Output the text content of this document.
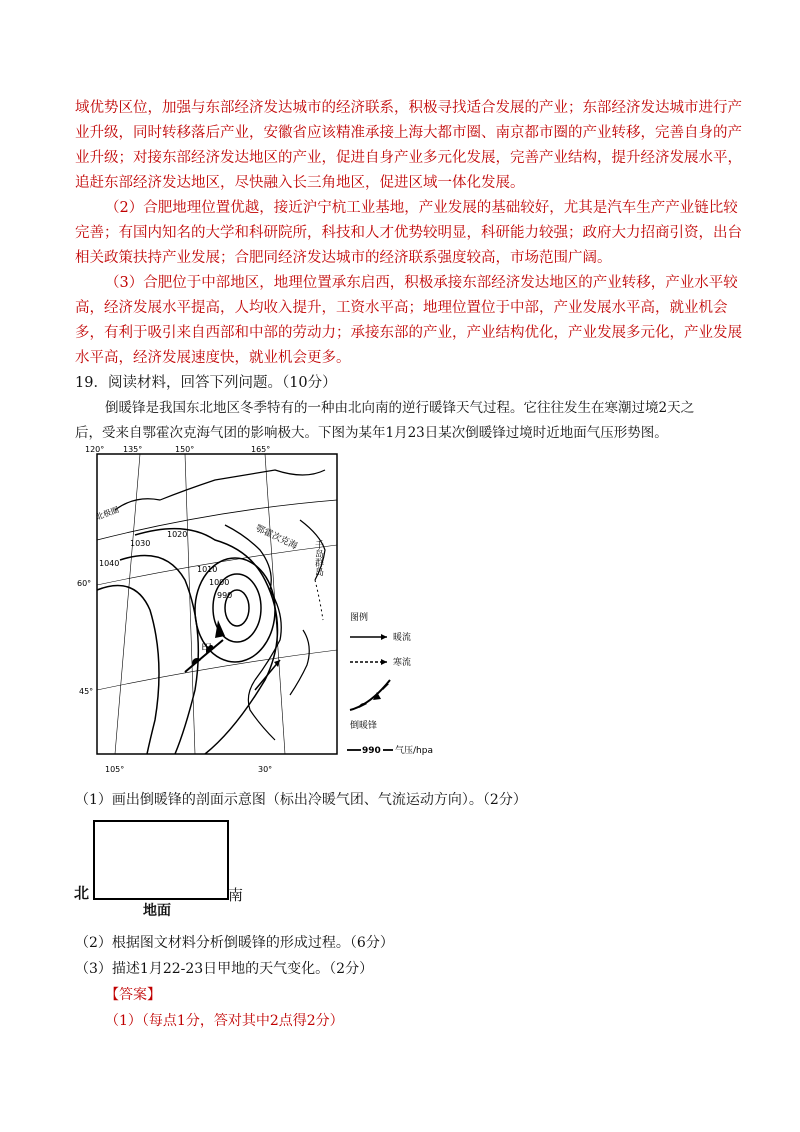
域优势区位，加强与东部经济发达城市的经济联系，积极寻找适合发展的产业；东部经济发达城市进行产
业升级，同时转移落后产业，安徽省应该精准承接上海大都市圈、南京都市圈的产业转移，完善自身的产
业升级；对接东部经济发达地区的产业，促进自身产业多元化发展，完善产业结构，提升经济发展水平，
追赶东部经济发达地区，尽快融入长三角地区，促进区域一体化发展。
（2）合肥地理位置优越，接近沪宁杭工业基地，产业发展的基础较好，尤其是汽车生产产业链比较
完善；有国内知名的大学和科研院所，科技和人才优势较明显，科研能力较强；政府大力招商引资，出台
相关政策扶持产业发展；合肥同经济发达城市的经济联系强度较高，市场范围广阔。
（3）合肥位于中部地区，地理位置承东启西，积极承接东部经济发达地区的产业转移，产业水平较
高，经济发展水平提高，人均收入提升，工资水平高；地理位置位于中部，产业发展水平高，就业机会
多，有利于吸引来自西部和中部的劳动力；承接东部的产业，产业结构优化，产业发展多元化，产业发展
水平高，经济发展速度快，就业机会更多。
19．阅读材料，回答下列问题。（10分）
倒暖锋是我国东北地区冬季特有的一种由北向南的逆行暖锋天气过程。它往往发生在寒潮过境2天之
后，受来自鄂霍次克海气团的影响极大。下图为某年1月23日某次倒暖锋过境时近地面气压形势图。
甲
120° 135°	150°	165°
105°	30°
60°
45°
1040
1030
1020
1010
1000
990
北极圈
鄂霍次克海
千岛群岛
图例
暖流
寒流
倒暖锋
990 气压/hpa
（1）画出倒暖锋的剖面示意图（标出冷暖气团、气流运动方向）。（2分）
北	南
地面
（2）根据图文材料分析倒暖锋的形成过程。（6分）
（3）描述1月22-23日甲地的天气变化。（2分）
【答案】
（1）（每点1分，答对其中2点得2分）
